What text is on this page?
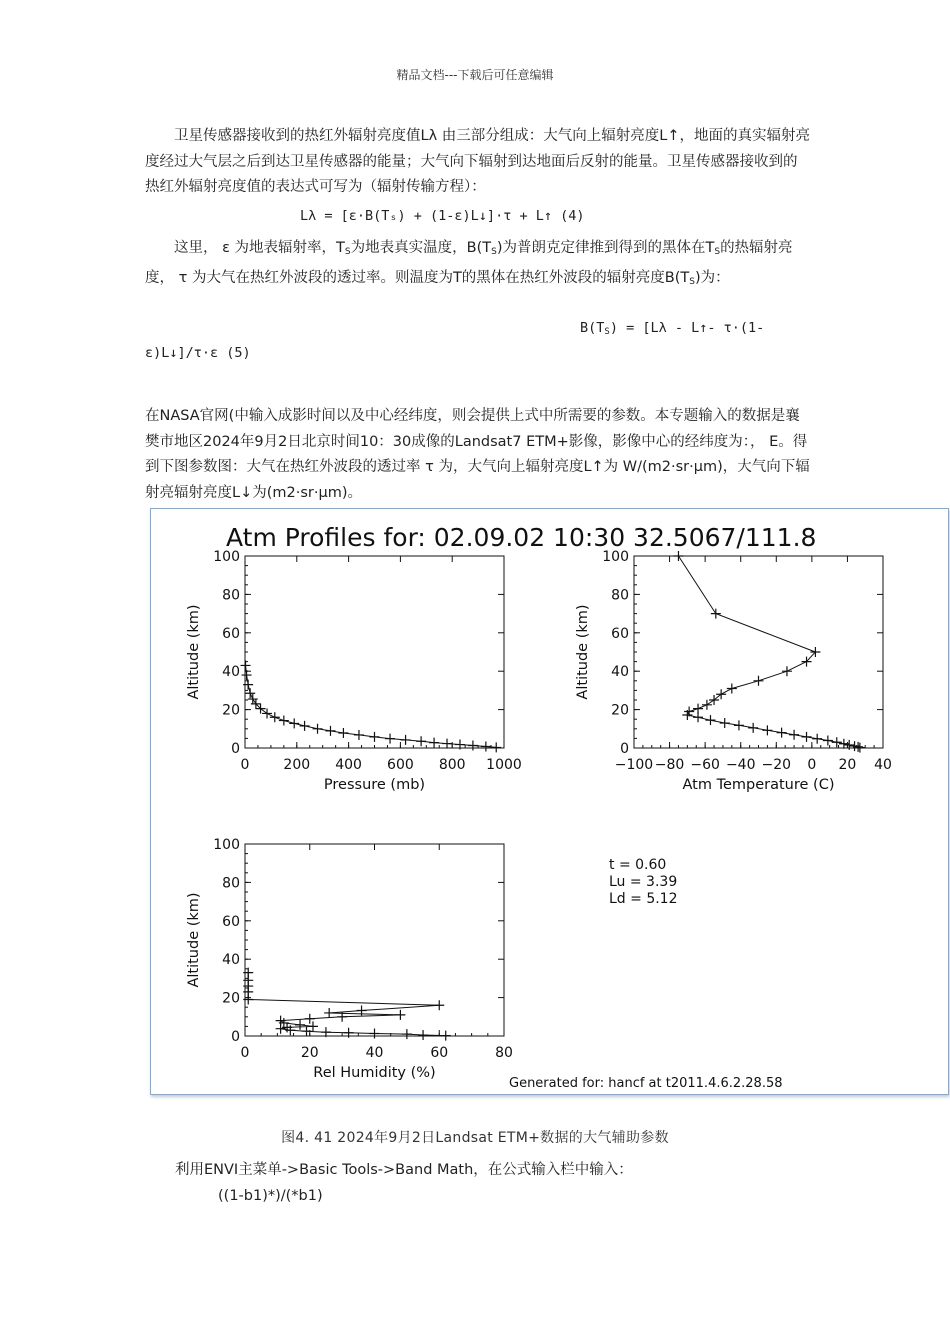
精品文档---下载后可任意编辑

卫星传感器接收到的热红外辐射亮度值Lλ 由三部分组成：大气向上辐射亮度L↑，地面的真实辐射亮度经过大气层之后到达卫星传感器的能量；大气向下辐射到达地面后反射的能量。卫星传感器接收到的热红外辐射亮度值的表达式可写为（辐射传输方程）：

Lλ = [ε·B(Tₛ) + (1-ε)L↓]·τ + L↑ (4)

这里， ε 为地表辐射率，$T_S$为地表真实温度，$B(T_S)$为普朗克定律推到得到的黑体在$T_S$的热辐射亮度， τ 为大气在热红外波段的透过率。则温度为T的黑体在热红外波段的辐射亮度$B(T_S)$为：

$B(T_S) = [L\lambda$ - L↑- τ·(1-
ε)L↓]/τ·ε (5)

在NASA官网(中输入成影时间以及中心经纬度，则会提供上式中所需要的参数。本专题输入的数据是襄樊市地区2024年9月2日北京时间10：30成像的Landsat7 ETM+影像，影像中心的经纬度为：， E。得到下图参数图：大气在热红外波段的透过率 τ 为，大气向上辐射亮度L↑为 W/(m2·sr·μm)，大气向下辐射亮辐射亮度L↓为(m2·sr·μm)。

Atm Profiles for: 02.09.02 10:30 32.5067/111.8
Generated for: hancf at t2011.4.6.2.28.58
t = 0.60
Lu = 3.39
Ld = 5.12
0 200 400 600 800 1000
0
20
40
60
80
100
Pressure (mb)
Altitude (km)
−100 −80 −60 −40 −20 0 20 40
0
20
40
60
80
100
Atm Temperature (C)
Altitude (km)
0	20	40	60	80
0
20
40
60
80
100
Rel Humidity (%)
Altitude (km)
图4. 41 2024年9月2日Landsat ETM+数据的大气辅助参数
利用ENVI主菜单->Basic Tools->Band Math，在公式输入栏中输入：
((1-b1)*)/(*b1)
